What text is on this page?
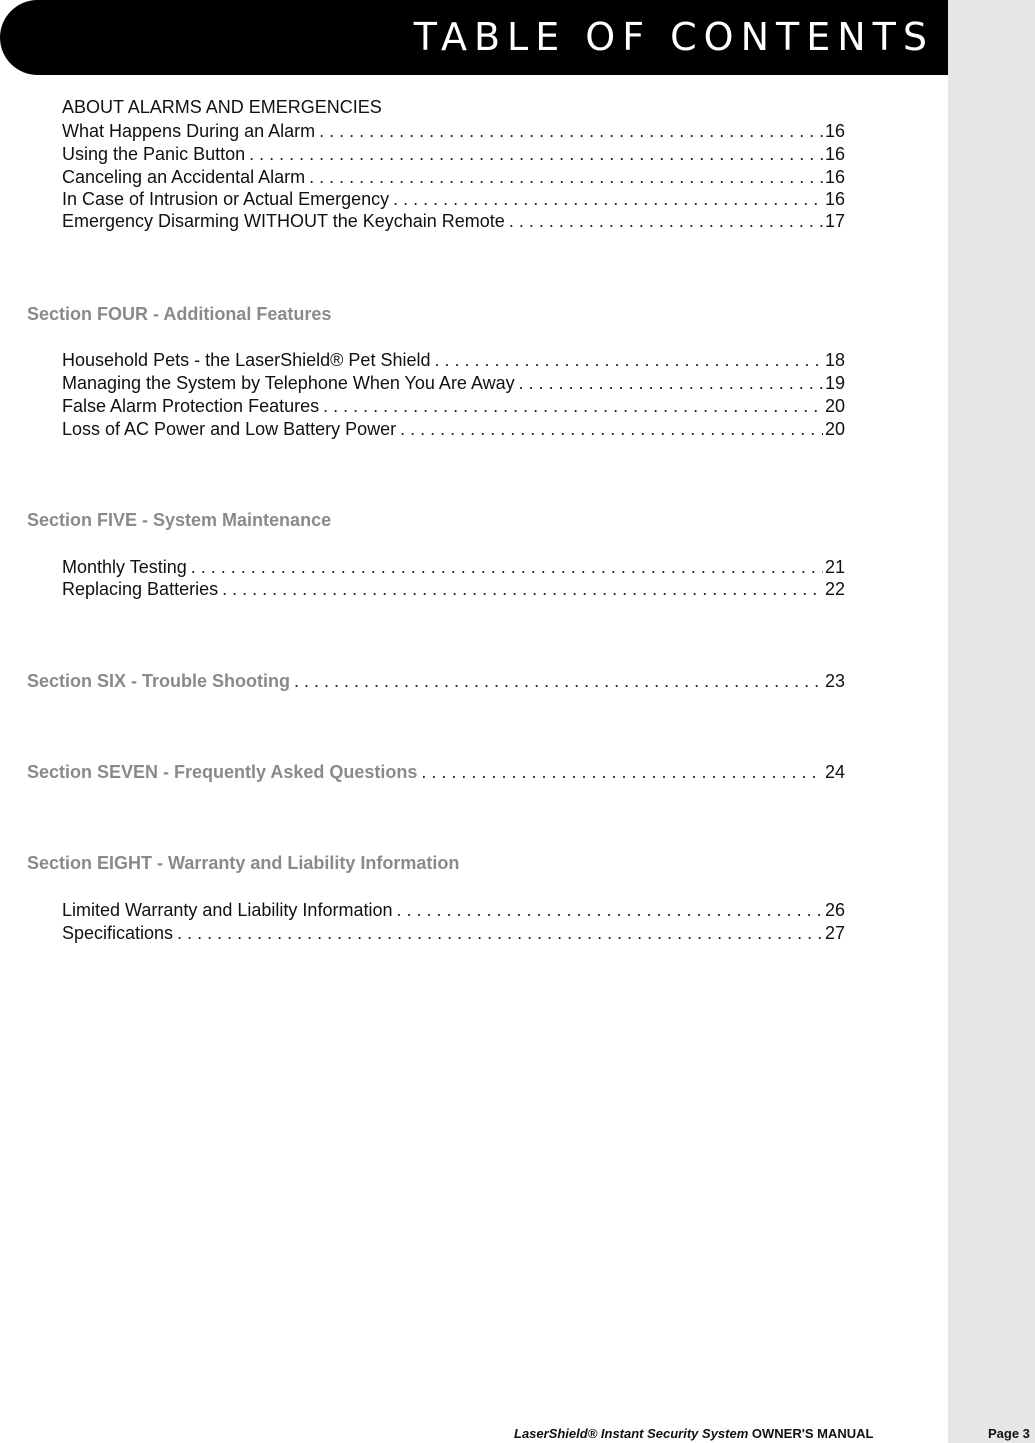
TABLE OF CONTENTS
ABOUT ALARMS AND EMERGENCIES
What Happens During an Alarm . . .	16
Using the Panic Button . . .	16
Canceling an Accidental Alarm . . .	16
In Case of Intrusion or Actual Emergency . . .	16
Emergency Disarming WITHOUT the Keychain Remote . . .	17
Section FOUR - Additional Features
Household Pets - the LaserShield® Pet Shield . . .	18
Managing the System by Telephone When You Are Away . . .	19
False Alarm Protection Features . . .	20
Loss of AC Power and Low Battery Power . . .	20
Section FIVE - System Maintenance
Monthly Testing . . .	21
Replacing Batteries . . .	22
Section SIX - Trouble Shooting . . .	23
Section SEVEN - Frequently Asked Questions . . .	24
Section EIGHT - Warranty and Liability Information
Limited Warranty and Liability Information . . .	26
Specifications . . .	27
LaserShield® Instant Security System OWNER'S MANUAL	Page 3
